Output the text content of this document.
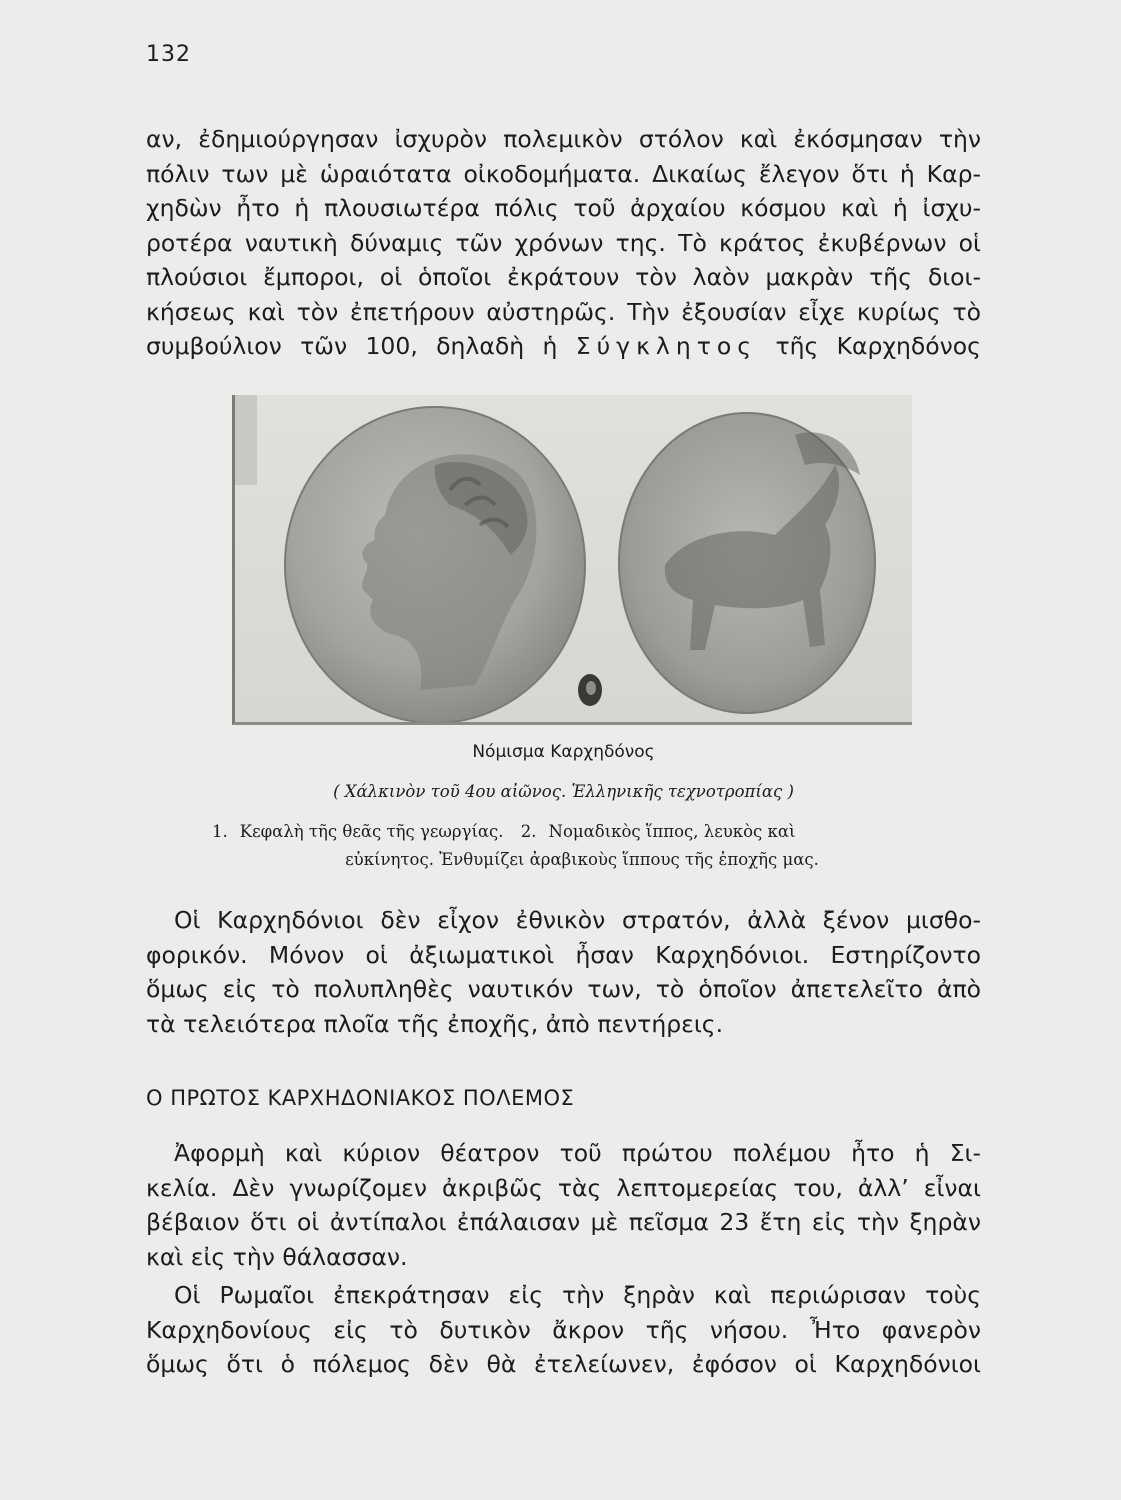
132

αν, ἐδημιούργησαν ἰσχυρὸν πολεμικὸν στόλον καὶ ἐκόσμησαν τὴν

πόλιν των μὲ ὡραιότατα οἰκοδομήματα. Δικαίως ἔλεγον ὅτι ἡ Καρ-

χηδὼν ἦτο ἡ πλουσιωτέρα πόλις τοῦ ἀρχαίου κόσμου καὶ ἡ ἰσχυ-

ροτέρα ναυτικὴ δύναμις τῶν χρόνων της. Τὸ κράτος ἐκυβέρνων οἱ

πλούσιοι ἔμποροι, οἱ ὁποῖοι ἐκράτουν τὸν λαὸν μακρὰν τῆς διοι-

κήσεως καὶ τὸν ἐπετήρουν αὐστηρῶς. Τὴν ἐξουσίαν εἶχε κυρίως τὸ

συμβούλιον τῶν 100, δηλαδὴ ἡ Σύγκλητος τῆς Καρχηδόνος

Νόμισμα Καρχηδόνος
( Χάλκινὸν τοῦ 4ου αἰῶνος. Ἑλληνικῆς τεχνοτροπίας )
1. Κεφαλὴ τῆς θεᾶς τῆς γεωργίας. 2. Νομαδικὸς ἵππος, λευκὸς καὶ
εὐκίνητος. Ἐνθυμίζει ἀραβικοὺς ἵππους τῆς ἐποχῆς μας.

Οἱ Καρχηδόνιοι δὲν εἶχον ἐθνικὸν στρατόν, ἀλλὰ ξένον μισθο-

φορικόν. Μόνον οἱ ἀξιωματικοὶ ἦσαν Καρχηδόνιοι. Εστηρίζοντο

ὅμως εἰς τὸ πολυπληθὲς ναυτικόν των, τὸ ὁποῖον ἀπετελεῖτο ἀπὸ

τὰ τελειότερα πλοῖα τῆς ἐποχῆς, ἀπὸ πεντήρεις.

Ο ΠΡΩΤΟΣ ΚΑΡΧΗΔΟΝΙΑΚΟΣ ΠΟΛΕΜΟΣ

Ἀφορμὴ καὶ κύριον θέατρον τοῦ πρώτου πολέμου ἦτο ἡ Σι-

κελία. Δὲν γνωρίζομεν ἀκριβῶς τὰς λεπτομερείας του, ἀλλ’ εἶναι

βέβαιον ὅτι οἱ ἀντίπαλοι ἐπάλαισαν μὲ πεῖσμα 23 ἔτη εἰς τὴν ξηρὰν

καὶ εἰς τὴν θάλασσαν.

Οἱ Ρωμαῖοι ἐπεκράτησαν εἰς τὴν ξηρὰν καὶ περιώρισαν τοὺς

Καρχηδονίους εἰς τὸ δυτικὸν ἄκρον τῆς νήσου. Ἦτο φανερὸν

ὅμως ὅτι ὁ πόλεμος δὲν θὰ ἐτελείωνεν, ἐφόσον οἱ Καρχηδόνιοι
